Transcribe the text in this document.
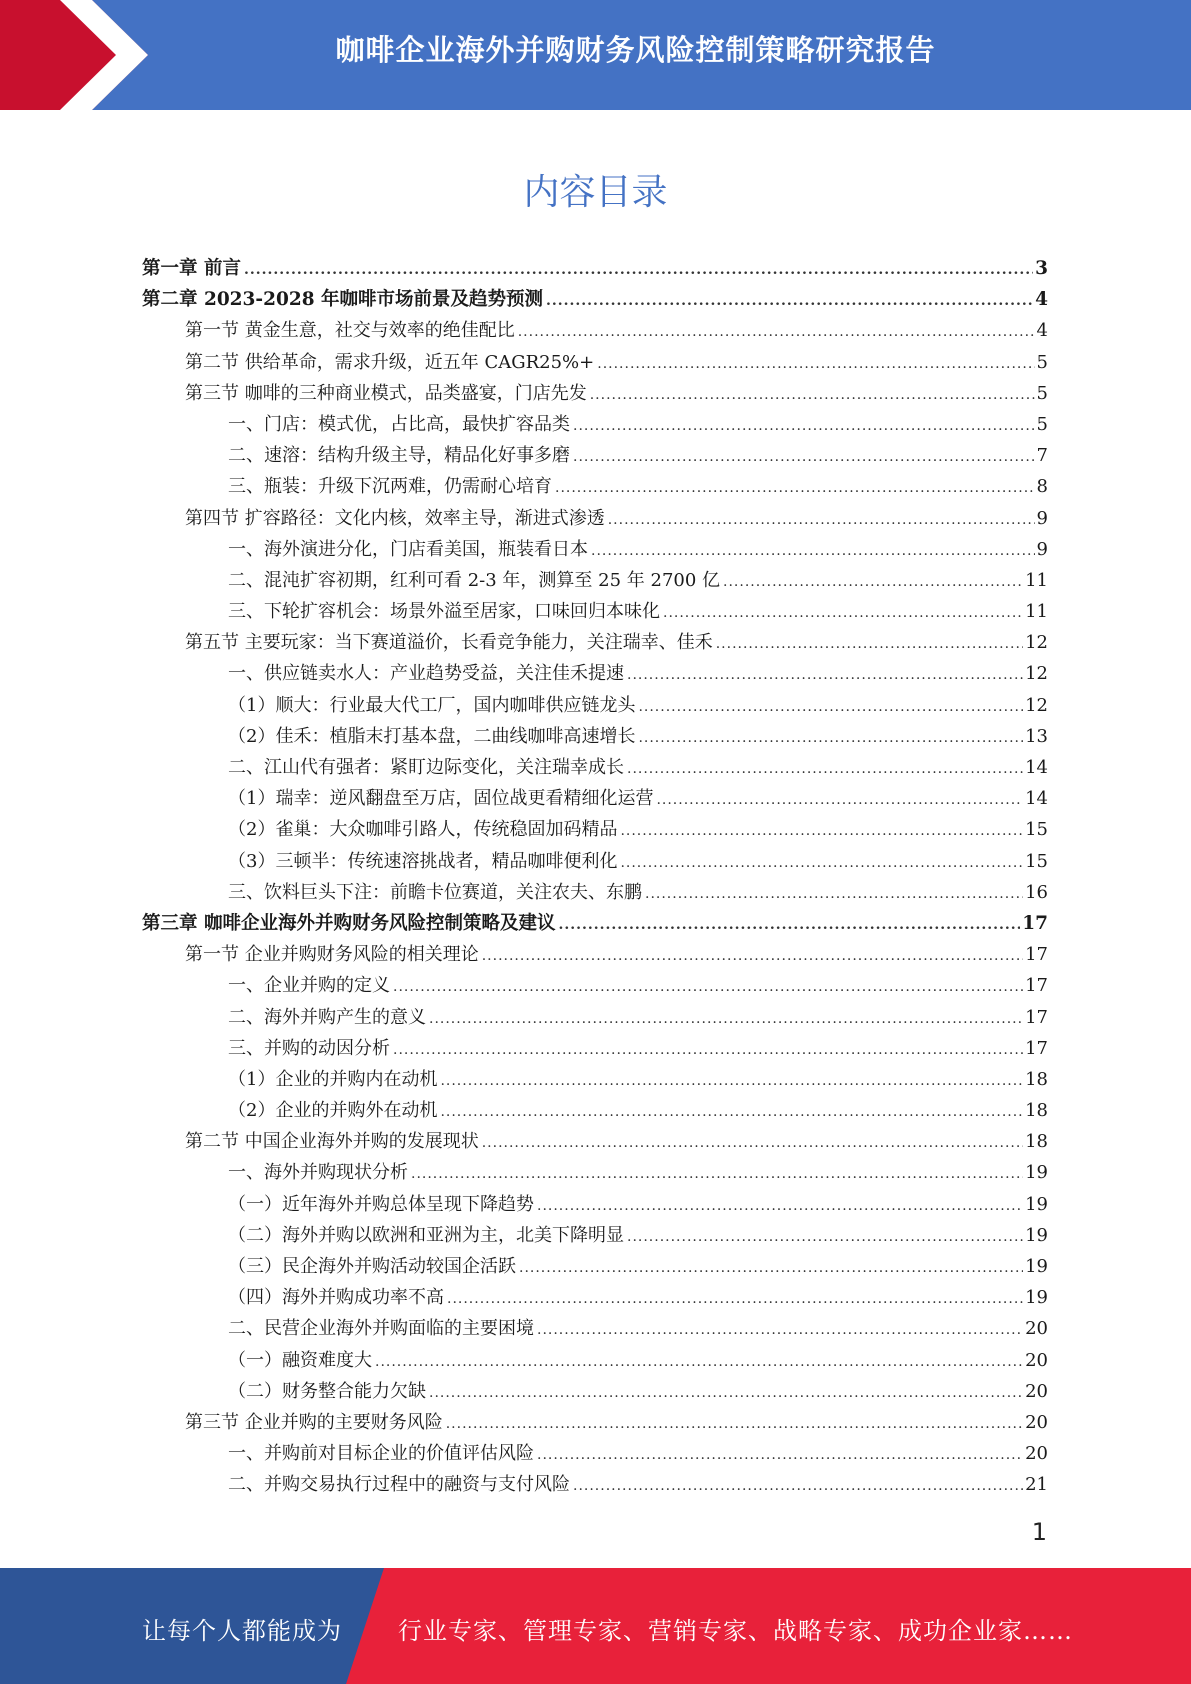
咖啡企业海外并购财务风险控制策略研究报告
内容目录
第一章 前言 .....	3
第二章 2023-2028 年咖啡市场前景及趋势预测 .....	4
第一节 黄金生意，社交与效率的绝佳配比 .....	4
第二节 供给革命，需求升级，近五年 CAGR25%+ .....	5
第三节 咖啡的三种商业模式，品类盛宴，门店先发 .....	5
一、门店：模式优，占比高，最快扩容品类 .....	5
二、速溶：结构升级主导，精品化好事多磨 .....	7
三、瓶装：升级下沉两难，仍需耐心培育 .....	8
第四节 扩容路径：文化内核，效率主导，渐进式渗透 .....	9
一、海外演进分化，门店看美国，瓶装看日本 .....	9
二、混沌扩容初期，红利可看 2-3 年，测算至 25 年 2700 亿 .....	11
三、下轮扩容机会：场景外溢至居家，口味回归本味化 .....	11
第五节 主要玩家：当下赛道溢价，长看竞争能力，关注瑞幸、佳禾 .....	12
一、供应链卖水人：产业趋势受益，关注佳禾提速 .....	12
（1）顺大：行业最大代工厂，国内咖啡供应链龙头 .....	12
（2）佳禾：植脂末打基本盘，二曲线咖啡高速增长 .....	13
二、江山代有强者：紧盯边际变化，关注瑞幸成长 .....	14
（1）瑞幸：逆风翻盘至万店，固位战更看精细化运营 .....	14
（2）雀巢：大众咖啡引路人，传统稳固加码精品 .....	15
（3）三顿半：传统速溶挑战者，精品咖啡便利化 .....	15
三、饮料巨头下注：前瞻卡位赛道，关注农夫、东鹏 .....	16
第三章 咖啡企业海外并购财务风险控制策略及建议 .....	17
第一节 企业并购财务风险的相关理论 .....	17
一、企业并购的定义 .....	17
二、海外并购产生的意义 .....	17
三、并购的动因分析 .....	17
（1）企业的并购内在动机 .....	18
（2）企业的并购外在动机 .....	18
第二节 中国企业海外并购的发展现状 .....	18
一、海外并购现状分析 .....	19
（一）近年海外并购总体呈现下降趋势 .....	19
（二）海外并购以欧洲和亚洲为主，北美下降明显 .....	19
（三）民企海外并购活动较国企活跃 .....	19
（四）海外并购成功率不高 .....	19
二、民营企业海外并购面临的主要困境 .....	20
（一）融资难度大 .....	20
（二）财务整合能力欠缺 .....	20
第三节 企业并购的主要财务风险 .....	20
一、并购前对目标企业的价值评估风险 .....	20
二、并购交易执行过程中的融资与支付风险 .....	21
1
让每个人都能成为 行业专家、管理专家、营销专家、战略专家、成功企业家……
